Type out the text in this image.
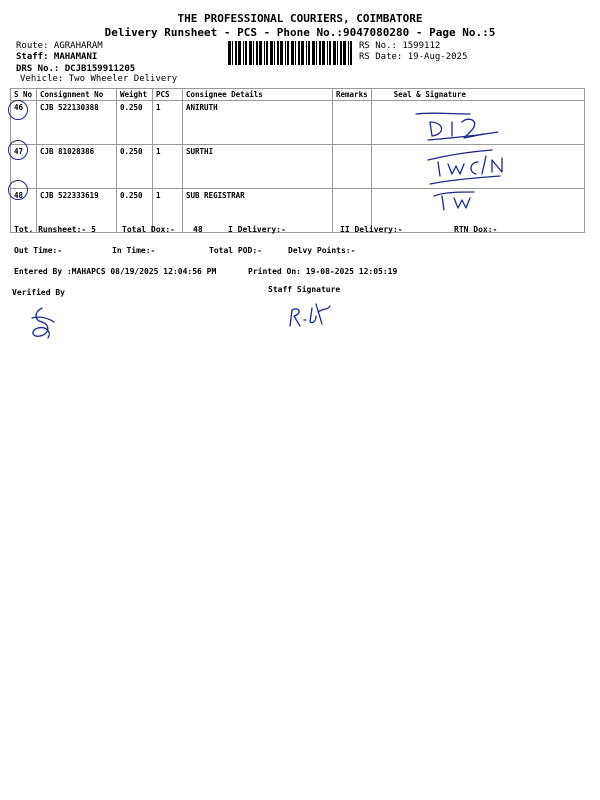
THE PROFESSIONAL COURIERS, COIMBATORE
Delivery Runsheet - PCS - Phone No.:9047080280 - Page No.:5
Route: AGRAHARAM
Staff: MAHAMANI
DRS No.: DCJB159911205
Vehicle: Two Wheeler Delivery
RS No.: 1599112
RS Date: 19-Aug-2025
S No	Consignment No	Weight	PCS	Consignee Details	Remarks	Seal & Signature
46	CJB 522130388	0.250	1	ANIRUTH		
47	CJB 81028386	0.250	1	SURTHI		
48	CJB 522333619	0.250	1	SUB REGISTRAR		
Tot. Runsheet:- 5	Total Dox:- 48	I Delivery:-	II Delivery:-	RTN Dox:-
Out Time:-	In Time:-	Total POD:-	Delvy Points:-
Entered By :MAHAPCS 08/19/2025 12:04:56 PM	Printed On: 19-08-2025 12:05:19
Verified By	Staff Signature
